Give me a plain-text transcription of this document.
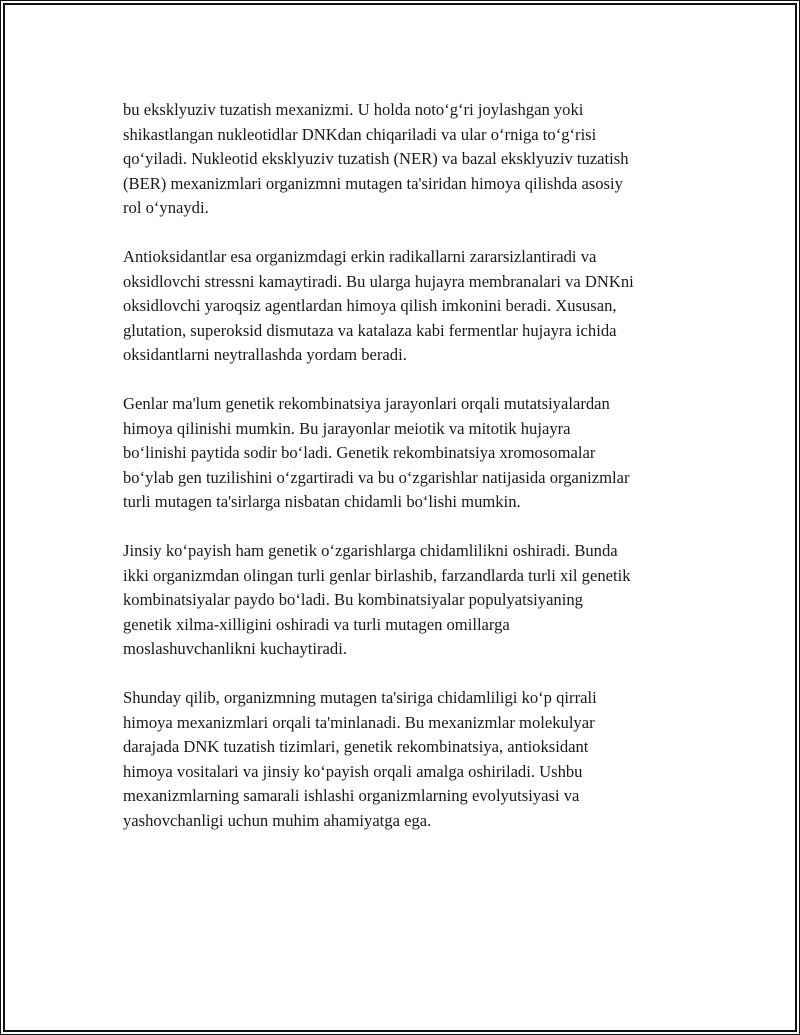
bu eksklyuziv tuzatish mexanizmi. U holda noto‘g‘ri joylashgan yoki
shikastlangan nukleotidlar DNKdan chiqariladi va ular o‘rniga to‘g‘risi
qo‘yiladi. Nukleotid eksklyuziv tuzatish (NER) va bazal eksklyuziv tuzatish
(BER) mexanizmlari organizmni mutagen ta'siridan himoya qilishda asosiy
rol o‘ynaydi.

Antioksidantlar esa organizmdagi erkin radikallarni zararsizlantiradi va
oksidlovchi stressni kamaytiradi. Bu ularga hujayra membranalari va DNKni
oksidlovchi yaroqsiz agentlardan himoya qilish imkonini beradi. Xususan,
glutation, superoksid dismutaza va katalaza kabi fermentlar hujayra ichida
oksidantlarni neytrallashda yordam beradi.

Genlar ma'lum genetik rekombinatsiya jarayonlari orqali mutatsiyalardan
himoya qilinishi mumkin. Bu jarayonlar meiotik va mitotik hujayra
bo‘linishi paytida sodir bo‘ladi. Genetik rekombinatsiya xromosomalar
bo‘ylab gen tuzilishini o‘zgartiradi va bu o‘zgarishlar natijasida organizmlar
turli mutagen ta'sirlarga nisbatan chidamli bo‘lishi mumkin.

Jinsiy ko‘payish ham genetik o‘zgarishlarga chidamlilikni oshiradi. Bunda
ikki organizmdan olingan turli genlar birlashib, farzandlarda turli xil genetik
kombinatsiyalar paydo bo‘ladi. Bu kombinatsiyalar populyatsiyaning
genetik xilma-xilligini oshiradi va turli mutagen omillarga
moslashuvchanlikni kuchaytiradi.

Shunday qilib, organizmning mutagen ta'siriga chidamliligi ko‘p qirrali
himoya mexanizmlari orqali ta'minlanadi. Bu mexanizmlar molekulyar
darajada DNK tuzatish tizimlari, genetik rekombinatsiya, antioksidant
himoya vositalari va jinsiy ko‘payish orqali amalga oshiriladi. Ushbu
mexanizmlarning samarali ishlashi organizmlarning evolyutsiyasi va
yashovchanligi uchun muhim ahamiyatga ega.
